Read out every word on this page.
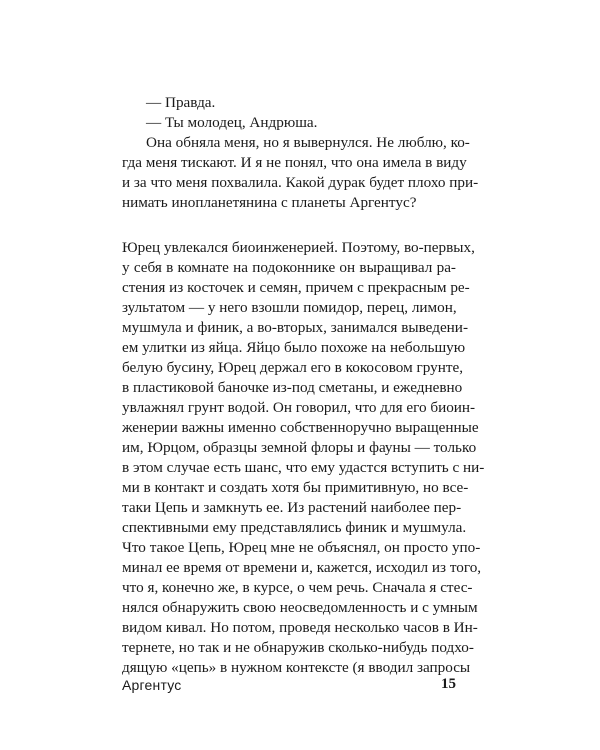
— Правда.
— Ты молодец, Андрюша.
Она обняла меня, но я вывернулся. Не люблю, ко-
гда меня тискают. И я не понял, что она имела в виду
и за что меня похвалила. Какой дурак будет плохо при-
нимать инопланетянина с планеты Аргентус?
Юрец увлекался биоинженерией. Поэтому, во-первых,
у себя в комнате на подоконнике он выращивал ра-
стения из косточек и семян, причем с прекрасным ре-
зультатом — у него взошли помидор, перец, лимон,
мушмула и финик, а во-вторых, занимался выведени-
ем улитки из яйца. Яйцо было похоже на небольшую
белую бусину, Юрец держал его в кокосовом грунте,
в пластиковой баночке из-под сметаны, и ежедневно
увлажнял грунт водой. Он говорил, что для его биоин-
женерии важны именно собственноручно выращенные
им, Юрцом, образцы земной флоры и фауны — только
в этом случае есть шанс, что ему удастся вступить с ни-
ми в контакт и создать хотя бы примитивную, но все-
таки Цепь и замкнуть ее. Из растений наиболее пер-
спективными ему представлялись финик и мушмула.
Что такое Цепь, Юрец мне не объяснял, он просто упо-
минал ее время от времени и, кажется, исходил из того,
что я, конечно же, в курсе, о чем речь. Сначала я стес-
нялся обнаружить свою неосведомленность и с умным
видом кивал. Но потом, проведя несколько часов в Ин-
тернете, но так и не обнаружив сколько-нибудь подхо-
дящую «цепь» в нужном контексте (я вводил запросы
Аргентус	15
